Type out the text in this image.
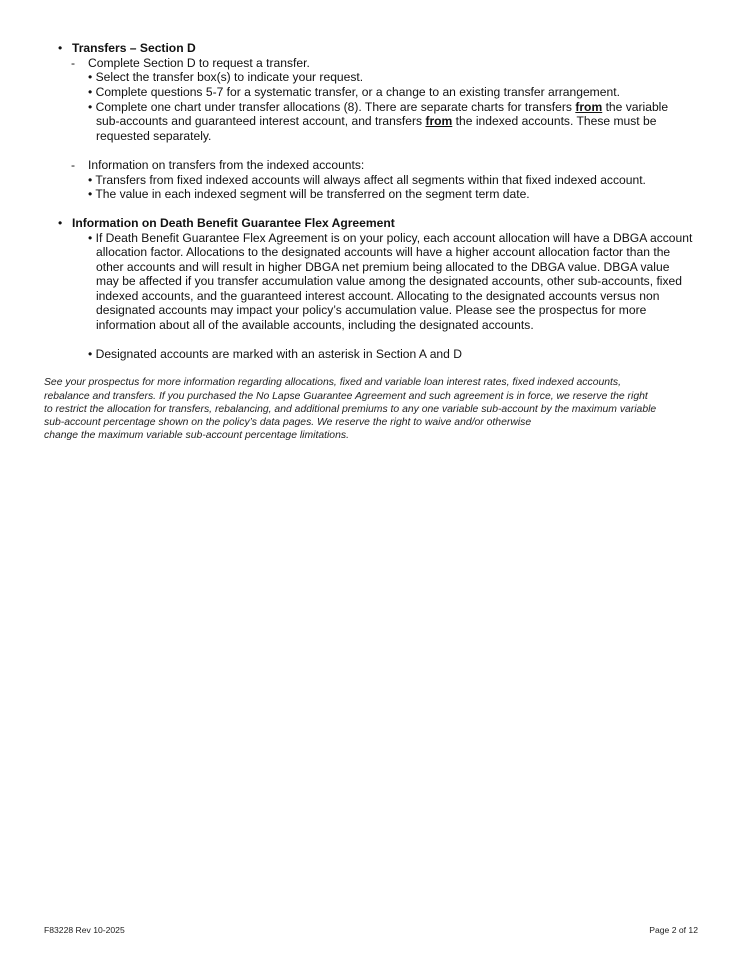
• Transfers – Section D
- Complete Section D to request a transfer.
• Select the transfer box(s) to indicate your request.
• Complete questions 5-7 for a systematic transfer, or a change to an existing transfer arrangement.
• Complete one chart under transfer allocations (8). There are separate charts for transfers from the variable
sub-accounts and guaranteed interest account, and transfers from the indexed accounts. These must be
requested separately.
- Information on transfers from the indexed accounts:
• Transfers from fixed indexed accounts will always affect all segments within that fixed indexed account.
• The value in each indexed segment will be transferred on the segment term date.
• Information on Death Benefit Guarantee Flex Agreement
• If Death Benefit Guarantee Flex Agreement is on your policy, each account allocation will have a DBGA account
allocation factor. Allocations to the designated accounts will have a higher account allocation factor than the
other accounts and will result in higher DBGA net premium being allocated to the DBGA value. DBGA value
may be affected if you transfer accumulation value among the designated accounts, other sub-accounts, fixed
indexed accounts, and the guaranteed interest account. Allocating to the designated accounts versus non
designated accounts may impact your policy’s accumulation value. Please see the prospectus for more
information about all of the available accounts, including the designated accounts.
• Designated accounts are marked with an asterisk in Section A and D
See your prospectus for more information regarding allocations, fixed and variable loan interest rates, fixed indexed accounts,
rebalance and transfers. If you purchased the No Lapse Guarantee Agreement and such agreement is in force, we reserve the right
to restrict the allocation for transfers, rebalancing, and additional premiums to any one variable sub-account by the maximum variable
sub-account percentage shown on the policy’s data pages. We reserve the right to waive and/or otherwise
change the maximum variable sub-account percentage limitations.
F83228 Rev 10-2025	Page 2 of 12
